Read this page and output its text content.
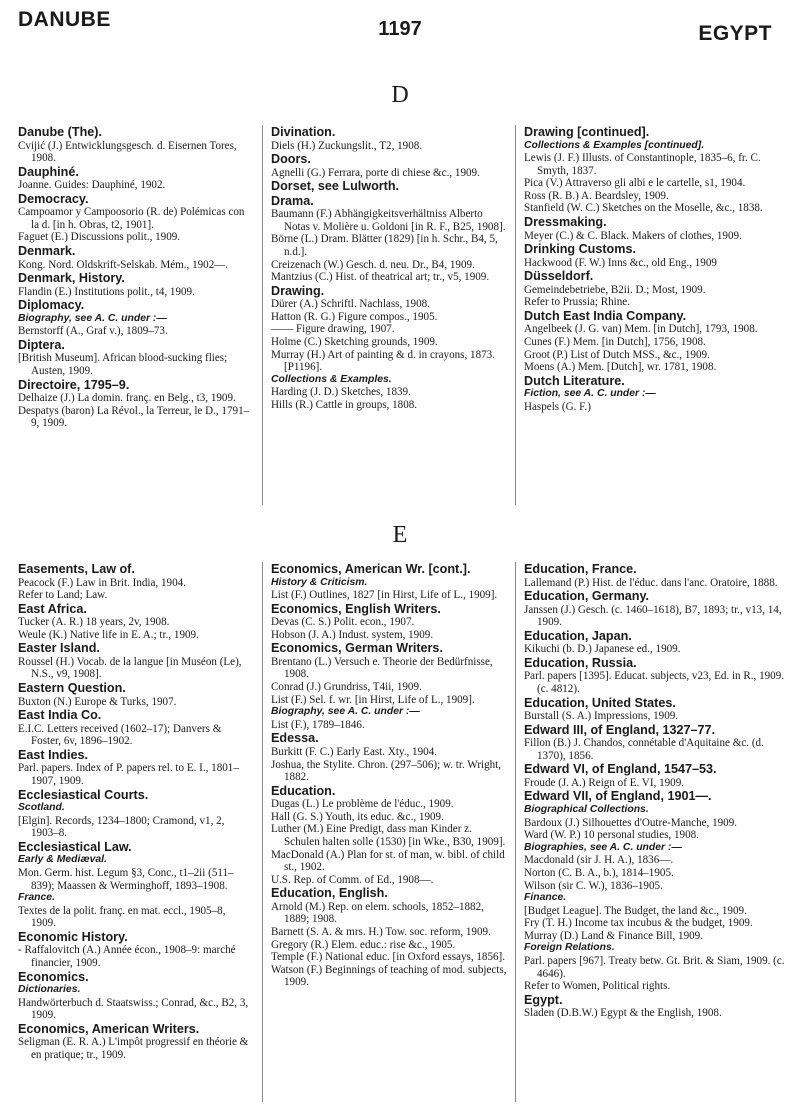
DANUBE	1197	EGYPT
D
Danube (The).
Cvijić (J.) Entwicklungsgesch. d. Eisernen Tores, 1908.
Dauphiné.
Joanne. Guides: Dauphiné, 1902.
Democracy.
Campoamor y Campoosorio (R. de) Polémicas con la d. [in h. Obras, t2, 1901].
Faguet (E.) Discussions polit., 1909.
Denmark.
Kong. Nord. Oldskrift-Selskab. Mém., 1902—.
Denmark, History.
Flandin (E.) Institutions polit., t4, 1909.
Diplomacy.
Biography, see A. C. under :—
Bernstorff (A., Graf v.), 1809–73.
Diptera.
[British Museum]. African blood-sucking flies; Austen, 1909.
Directoire, 1795–9.
Delhaize (J.) La domin. franç. en Belg., t3, 1909.
Despatys (baron) La Révol., la Terreur, le D., 1791–9, 1909.
Divination.
Diels (H.) Zuckungslit., T2, 1908.
Doors.
Agnelli (G.) Ferrara, porte di chiese &c., 1909.
Dorset, see Lulworth.
Drama.
Baumann (F.) Abhängigkeitsverhältniss Alberto Notas v. Molière u. Goldoni [in R. F., B25, 1908].
Börne (L.) Dram. Blätter (1829) [in h. Schr., B4, 5, n.d.].
Creizenach (W.) Gesch. d. neu. Dr., B4, 1909.
Mantzius (C.) Hist. of theatrical art; tr., v5, 1909.
Drawing.
Dürer (A.) Schriftl. Nachlass, 1908.
Hatton (R. G.) Figure compos., 1905.
—— Figure drawing, 1907.
Holme (C.) Sketching grounds, 1909.
Murray (H.) Art of painting & d. in crayons, 1873. [P1196].
Collections & Examples.
Harding (J. D.) Sketches, 1839.
Hills (R.) Cattle in groups, 1808.
Drawing [continued].
Collections & Examples [continued].
Lewis (J. F.) Illusts. of Constantinople, 1835–6, fr. C. Smyth, 1837.
Pica (V.) Attraverso gli albi e le cartelle, s1, 1904.
Ross (R. B.) A. Beardsley, 1909.
Stanfield (W. C.) Sketches on the Moselle, &c., 1838.
Dressmaking.
Meyer (C.) & C. Black. Makers of clothes, 1909.
Drinking Customs.
Hackwood (F. W.) Inns &c., old Eng., 1909
Düsseldorf.
Gemeindebetriebe, B2ii. D.; Most, 1909.
Refer to Prussia; Rhine.
Dutch East India Company.
Angelbeek (J. G. van) Mem. [in Dutch], 1793, 1908.
Cunes (F.) Mem. [in Dutch], 1756, 1908.
Groot (P.) List of Dutch MSS., &c., 1909.
Moens (A.) Mem. [Dutch], wr. 1781, 1908.
Dutch Literature.
Fiction, see A. C. under :—
Haspels (G. F.)
E
Easements, Law of.
Peacock (F.) Law in Brit. India, 1904.
Refer to Land; Law.
East Africa.
Tucker (A. R.) 18 years, 2v, 1908.
Weule (K.) Native life in E. A.; tr., 1909.
Easter Island.
Roussel (H.) Vocab. de la langue [in Muséon (Le), N.S., v9, 1908].
Eastern Question.
Buxton (N.) Europe & Turks, 1907.
East India Co.
E.I.C. Letters received (1602–17); Danvers & Foster, 6v, 1896–1902.
East Indies.
Parl. papers. Index of P. papers rel. to E. I., 1801–1907, 1909.
Ecclesiastical Courts.
Scotland.
[Elgin]. Records, 1234–1800; Cramond, v1, 2, 1903–8.
Ecclesiastical Law.
Early & Mediæval.
Mon. Germ. hist. Legum §3, Conc., t1–2ii (511–839); Maassen & Werminghoff, 1893–1908.
France.
Textes de la polit. franç. en mat. eccl., 1905–8, 1909.
Economic History.
- Raffalovitch (A.) Année écon., 1908–9: marché financier, 1909.
Economics.
Dictionaries.
Handwörterbuch d. Staatswiss.; Conrad, &c., B2, 3, 1909.
Economics, American Writers.
Seligman (E. R. A.) L'impôt progressif en théorie & en pratique; tr., 1909.
Economics, American Wr. [cont.].
History & Criticism.
List (F.) Outlines, 1827 [in Hirst, Life of L., 1909].
Economics, English Writers.
Devas (C. S.) Polit. econ., 1907.
Hobson (J. A.) Indust. system, 1909.
Economics, German Writers.
Brentano (L.) Versuch e. Theorie der Bedürfnisse, 1908.
Conrad (J.) Grundriss, T4ii, 1909.
List (F.) Sel. f. wr. [in Hirst, Life of L., 1909].
Biography, see A. C. under :—
List (F.), 1789–1846.
Edessa.
Burkitt (F. C.) Early East. Xty., 1904.
Joshua, the Stylite. Chron. (297–506); w. tr. Wright, 1882.
Education.
Dugas (L.) Le problème de l'éduc., 1909.
Hall (G. S.) Youth, its educ. &c., 1909.
Luther (M.) Eine Predigt, dass man Kinder z. Schulen halten solle (1530) [in Wke., B30, 1909].
MacDonald (A.) Plan for st. of man, w. bibl. of child st., 1902.
U.S. Rep. of Comm. of Ed., 1908—.
Education, English.
Arnold (M.) Rep. on elem. schools, 1852–1882, 1889; 1908.
Barnett (S. A. & mrs. H.) Tow. soc. reform, 1909.
Gregory (R.) Elem. educ.: rise &c., 1905.
Temple (F.) National educ. [in Oxford essays, 1856].
Watson (F.) Beginnings of teaching of mod. subjects, 1909.
Education, France.
Lallemand (P.) Hist. de l'éduc. dans l'anc. Oratoire, 1888.
Education, Germany.
Janssen (J.) Gesch. (c. 1460–1618), B7, 1893; tr., v13, 14, 1909.
Education, Japan.
Kikuchi (b. D.) Japanese ed., 1909.
Education, Russia.
Parl. papers [1395]. Educat. subjects, v23, Ed. in R., 1909. (c. 4812).
Education, United States.
Burstall (S. A.) Impressions, 1909.
Edward III, of England, 1327–77.
Fillon (B.) J. Chandos, connétable d'Aquitaine &c. (d. 1370), 1856.
Edward VI, of England, 1547–53.
Froude (J. A.) Reign of E. VI, 1909.
Edward VII, of England, 1901—.
Biographical Collections.
Bardoux (J.) Silhouettes d'Outre-Manche, 1909.
Ward (W. P.) 10 personal studies, 1908.
Biographies, see A. C. under :—
Macdonald (sir J. H. A.), 1836—.
Norton (C. B. A., b.), 1814–1905.
Wilson (sir C. W.), 1836–1905.
Finance.
[Budget League]. The Budget, the land &c., 1909.
Fry (T. H.) Income tax incubus & the budget, 1909.
Murray (D.) Land & Finance Bill, 1909.
Foreign Relations.
Parl. papers [967]. Treaty betw. Gt. Brit. & Siam, 1909. (c. 4646).
Refer to Women, Political rights.
Egypt.
Sladen (D.B.W.) Egypt & the English, 1908.
